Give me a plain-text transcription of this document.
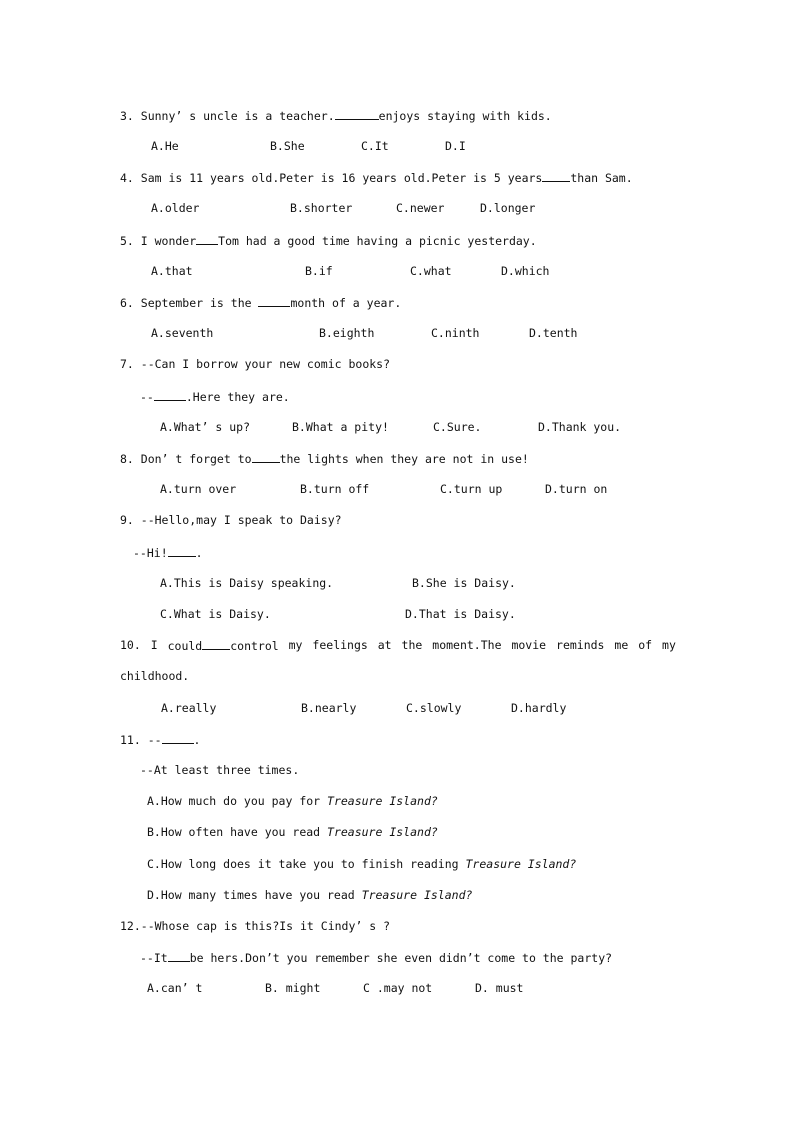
3. Sunny’ s uncle is a teacher.	enjoys staying with kids.
A.He	B.She	C.It	D.I
4. Sam is 11 years old.Peter is 16 years old.Peter is 5 years than Sam.
A.older	B.shorter	C.newer	D.longer
5. I wonder Tom had a good time having a picnic yesterday.
A.that	B.if	C.what	D.which
6. September is the	month of a year.
A.seventh	B.eighth	C.ninth	D.tenth
7. --Can I borrow your new comic books?
--	.Here they are.
A.What’ s up?	B.What a pity!	C.Sure.	D.Thank you.
8. Don’ t forget to the lights when they are not in use!
A.turn over	B.turn off	C.turn up	D.turn on
9. --Hello,may I speak to Daisy?
--Hi! .
A.This is Daisy speaking.	B.She is Daisy.
C.What is Daisy.	D.That is Daisy.
10. I could control my feelings at the moment.The movie reminds me of my
childhood.
A.really	B.nearly	C.slowly	D.hardly
11. --	.
--At least three times.
A.How much do you pay for Treasure Island?
B.How often have you read Treasure Island?
C.How long does it take you to finish reading Treasure Island?
D.How many times have you read Treasure Island?
12.--Whose cap is this?Is it Cindy’ s ?
--It be hers.Don’t you remember she even didn’t come to the party?
A.can’ t	B. might	C .may not	D. must
